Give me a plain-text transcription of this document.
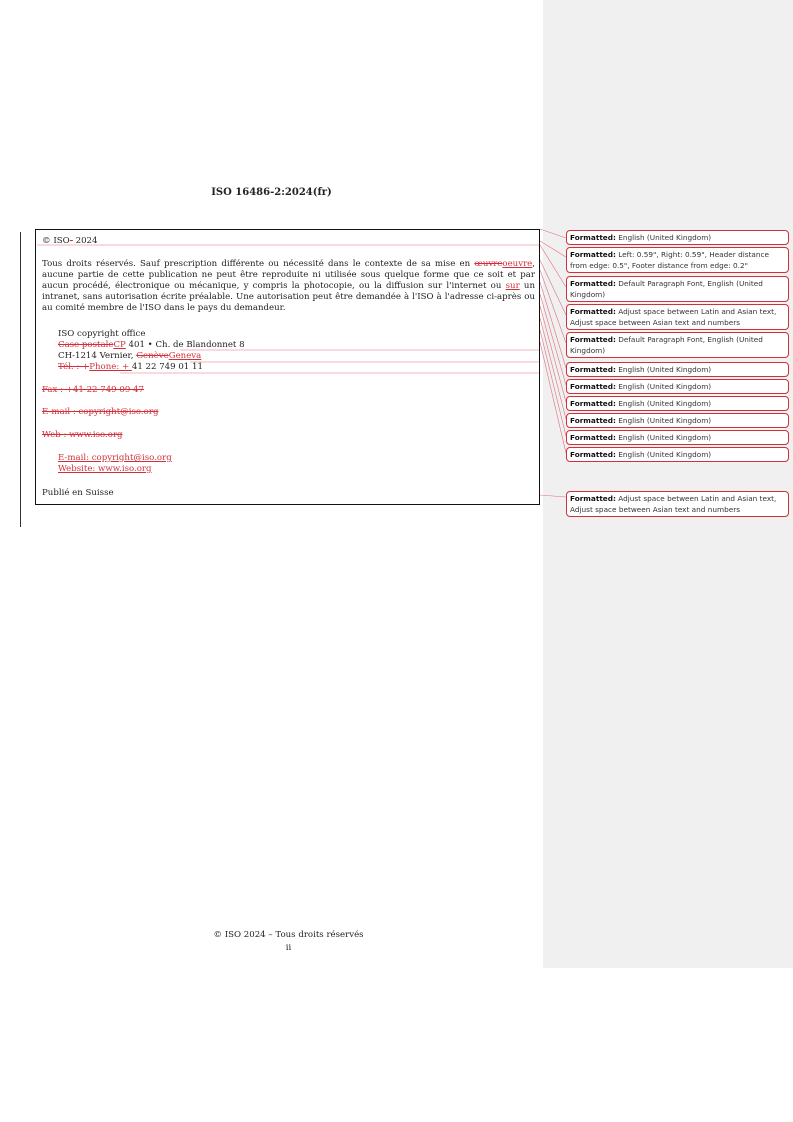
ISO 16486-2:2024(fr)

© ISO- 2024

Tous droits réservés. Sauf prescription différente ou nécessité dans le contexte de sa mise en œuvreoeuvre, aucune partie de cette publication ne peut être reproduite ni utilisée sous quelque forme que ce soit et par aucun procédé, électronique ou mécanique, y compris la photocopie, ou la diffusion sur l'internet ou sur un intranet, sans autorisation écrite préalable. Une autorisation peut être demandée à l'ISO à l'adresse ci-après ou au comité membre de l'ISO dans le pays du demandeur.

ISO copyright office

Case postaleCP 401 • Ch. de Blandonnet 8

CH-1214 Vernier, GenèveGeneva

Tél. : +Phone: + 41 22 749 01 11

Fax : +41 22 749 09 47

E-mail : copyright@iso.org

Web : www.iso.org

E-mail: copyright@iso.org

Website: www.iso.org

Publié en Suisse

© ISO 2024 – Tous droits réservés
ii
Formatted: English (United Kingdom)
Formatted: Left: 0.59", Right: 0.59", Header distance from edge: 0.5", Footer distance from edge: 0.2"
Formatted: Default Paragraph Font, English (United Kingdom)
Formatted: Adjust space between Latin and Asian text, Adjust space between Asian text and numbers
Formatted: Default Paragraph Font, English (United Kingdom)
Formatted: English (United Kingdom)
Formatted: English (United Kingdom)
Formatted: English (United Kingdom)
Formatted: English (United Kingdom)
Formatted: English (United Kingdom)
Formatted: English (United Kingdom)
Formatted: Adjust space between Latin and Asian text, Adjust space between Asian text and numbers
